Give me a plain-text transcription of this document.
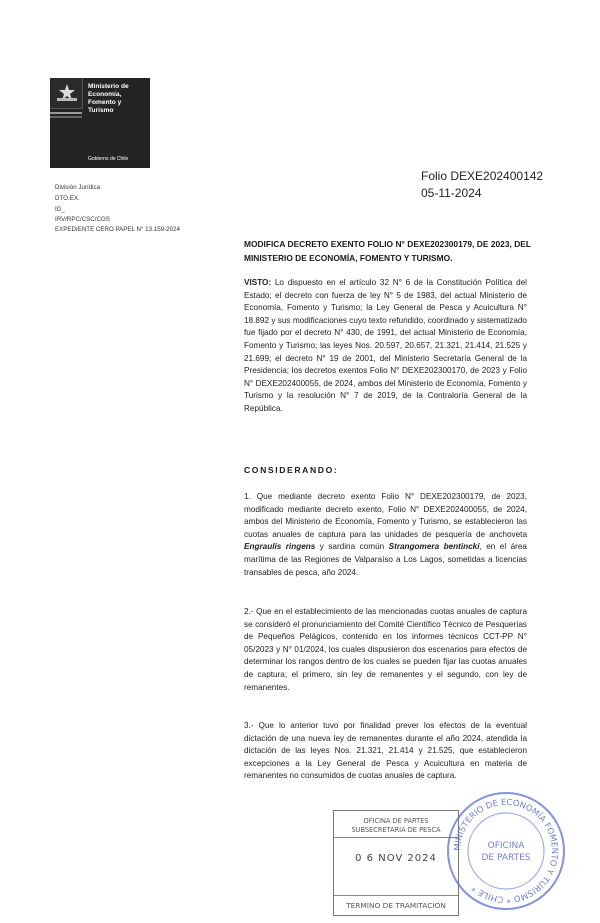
Ministerio de
Economía,
Fomento y
Turismo
Gobierno de Chile
Folio DEXE202400142
05-11-2024
División Jurídica
DTO.EX.
ID_
IRV/RPC/CSC/CGS
EXPEDIENTE CERO PAPEL N° 13.159-2024
MODIFICA DECRETO EXENTO FOLIO N° DEXE202300179, DE 2023, DEL MINISTERIO DE ECONOMÍA, FOMENTO Y TURISMO.
VISTO: Lo dispuesto en el artículo 32 N° 6 de la Constitución Política del Estado; el decreto con fuerza de ley N° 5 de 1983, del actual Ministerio de Economía, Fomento y Turismo; la Ley General de Pesca y Acuicultura N° 18.892 y sus modificaciones cuyo texto refundido, coordinado y sistematizado fue fijado por el decreto N° 430, de 1991, del actual Ministerio de Economía, Fomento y Turismo; las leyes Nos. 20.597, 20.657, 21.321, 21.414, 21.525 y 21.699; el decreto N° 19 de 2001, del Ministerio Secretaría General de la Presidencia; los decretos exentos Folio N° DEXE202300170, de 2023 y Folio N° DEXE202400055, de 2024, ambos del Ministerio de Economía, Fomento y Turismo y la resolución N° 7 de 2019, de la Contraloría General de la República.
CONSIDERANDO:
1. Que mediante decreto exento Folio N° DEXE202300179, de 2023, modificado mediante decreto exento, Folio N° DEXE202400055, de 2024, ambos del Ministerio de Economía, Fomento y Turismo, se establecieron las cuotas anuales de captura para las unidades de pesquería de anchoveta Engraulis ringens y sardina común Strangomera bentincki, en el área marítima de las Regiones de Valparaíso a Los Lagos, sometidas a licencias transables de pesca, año 2024.
2.- Que en el establecimiento de las mencionadas cuotas anuales de captura se consideró el pronunciamiento del Comité Científico Técnico de Pesquerías de Pequeños Pelágicos, contenido en los informes técnicos CCT-PP N° 05/2023 y N° 01/2024, los cuales dispusieron dos escenarios para efectos de determinar los rangos dentro de los cuales se pueden fijar las cuotas anuales de captura; el primero, sin ley de remanentes y el segundo, con ley de remanentes.
3.- Que lo anterior tuvo por finalidad prever los efectos de la eventual dictación de una nueva ley de remanentes durante el año 2024, atendida la dictación de las leyes Nos. 21.321, 21.414 y 21.525, que establecieron excepciones a la Ley General de Pesca y Acuicultura en materia de remanentes no consumidos de cuotas anuales de captura.
OFICINA DE PARTES
SUBSECRETARIA DE PESCA
0 6 NOV 2024
TERMINO DE TRAMITACION
MINISTERIO DE ECONOMÍA FOMENTO Y TURISMO * CHILE *
OFICINA
DE PARTES
